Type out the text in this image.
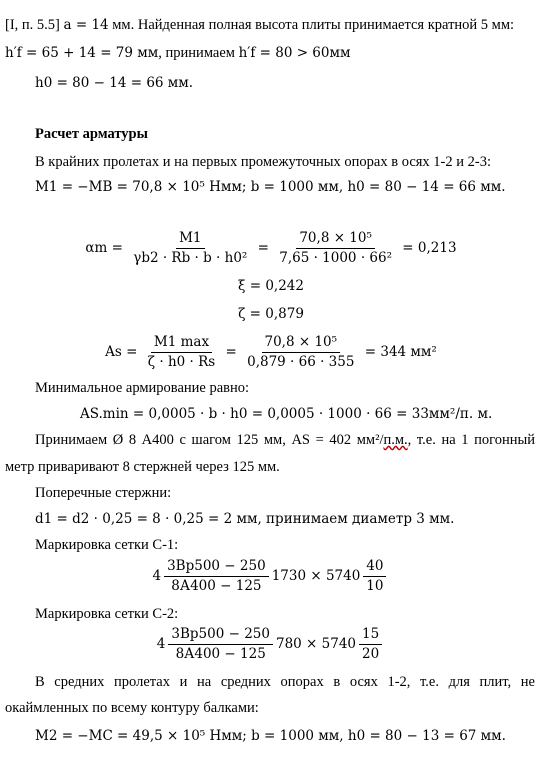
[I, п. 5.5] a = 14 мм. Найденная полная высота плиты принимается кратной 5 мм:
h′f = 65 + 14 = 79 мм, принимаем h′f = 80 > 60мм
h0 = 80 − 14 = 66 мм.
Расчет арматуры
В крайних пролетах и на первых промежуточных опорах в осях 1-2 и 2-3:
M1 = −MB = 70,8 × 10⁵ Нмм; b = 1000 мм, h0 = 80 − 14 = 66 мм.
$\alpha m = \frac{M1}{\text{γb2 · Rb · b · h0²}} = \frac{\text{70,8 × 10⁵}}{\text{7,65 · 1000 · 66²}} = 0,213$
ξ = 0,242
ζ = 0,879
$As = \frac{M1 \max}{\zeta \cdot h0 \cdot Rs} = \frac{\text{70,8 × 10⁵}}{0,879 \cdot 66 \cdot 355} = 344$ мм²
Минимальное армирование равно:
AS.min = 0,0005 · b · h0 = 0,0005 · 1000 · 66 = 33мм²/п. м.
Принимаем Ø 8 А400 с шагом 125 мм, AS = 402 мм²/п.м., т.е. на 1 погонный
метр приваривают 8 стержней через 125 мм.
Поперечные стержни:
d1 = d2 · 0,25 = 8 · 0,25 = 2 мм, принимаем диаметр 3 мм.
Маркировка сетки С-1:
$4 \frac{3Вр500 - 250}{8А400 - 125} 1730 \times 5740 \frac{40}{10}$
Маркировка сетки С-2:
$4 \frac{3Вр500 - 250}{8А400 - 125} 780 \times 5740 \frac{15}{20}$
В средних пролетах и на средних опорах в осях 1-2, т.е. для плит, не
окаймленных по всему контуру балками:
M2 = −MC = 49,5 × 10⁵ Нмм; b = 1000 мм, h0 = 80 − 13 = 67 мм.
